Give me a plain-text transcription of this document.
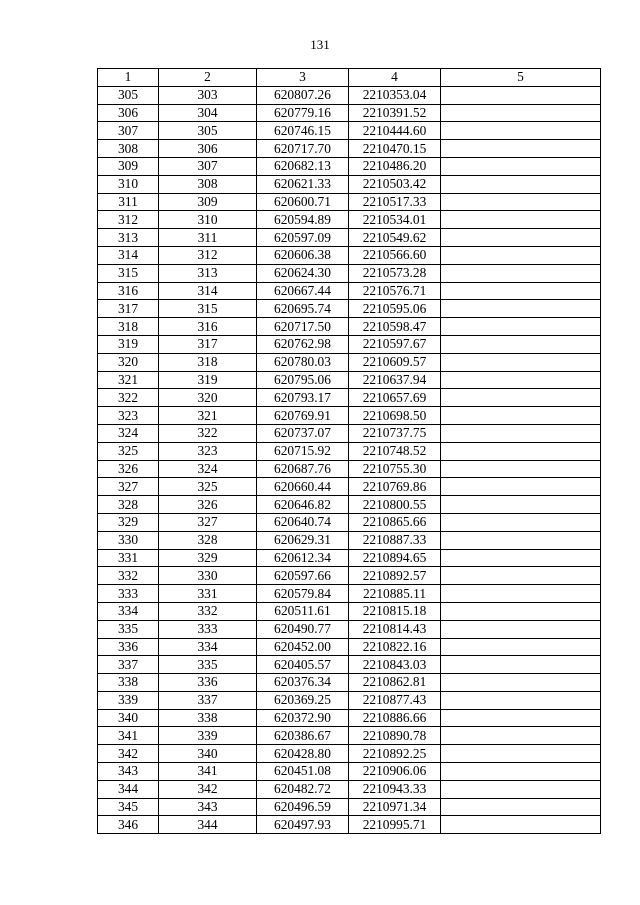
131
1	2	3	4	5
305	303	620807.26	2210353.04	
306	304	620779.16	2210391.52	
307	305	620746.15	2210444.60	
308	306	620717.70	2210470.15	
309	307	620682.13	2210486.20	
310	308	620621.33	2210503.42	
311	309	620600.71	2210517.33	
312	310	620594.89	2210534.01	
313	311	620597.09	2210549.62	
314	312	620606.38	2210566.60	
315	313	620624.30	2210573.28	
316	314	620667.44	2210576.71	
317	315	620695.74	2210595.06	
318	316	620717.50	2210598.47	
319	317	620762.98	2210597.67	
320	318	620780.03	2210609.57	
321	319	620795.06	2210637.94	
322	320	620793.17	2210657.69	
323	321	620769.91	2210698.50	
324	322	620737.07	2210737.75	
325	323	620715.92	2210748.52	
326	324	620687.76	2210755.30	
327	325	620660.44	2210769.86	
328	326	620646.82	2210800.55	
329	327	620640.74	2210865.66	
330	328	620629.31	2210887.33	
331	329	620612.34	2210894.65	
332	330	620597.66	2210892.57	
333	331	620579.84	2210885.11	
334	332	620511.61	2210815.18	
335	333	620490.77	2210814.43	
336	334	620452.00	2210822.16	
337	335	620405.57	2210843.03	
338	336	620376.34	2210862.81	
339	337	620369.25	2210877.43	
340	338	620372.90	2210886.66	
341	339	620386.67	2210890.78	
342	340	620428.80	2210892.25	
343	341	620451.08	2210906.06	
344	342	620482.72	2210943.33	
345	343	620496.59	2210971.34	
346	344	620497.93	2210995.71	
